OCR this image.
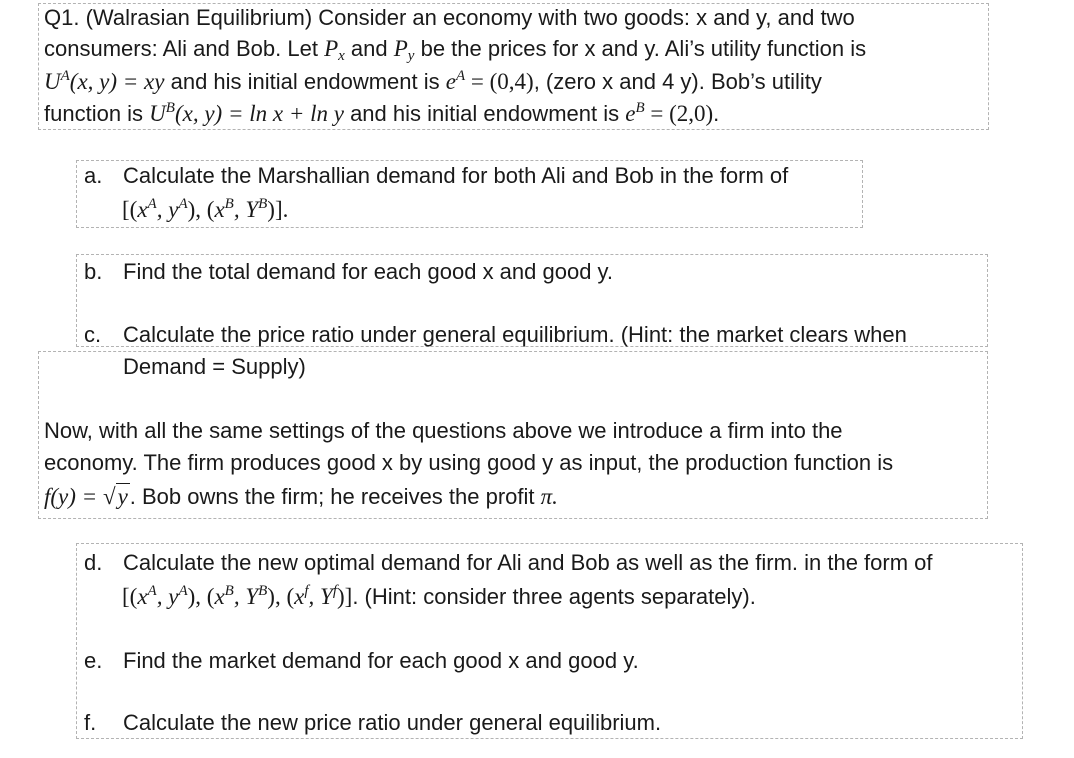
Q1. (Walrasian Equilibrium) Consider an economy with two goods: x and y, and two
consumers: Ali and Bob. Let $P_x$ and $P_y$ be the prices for x and y. Ali’s utility function is
$U^A(x$, y) = xy and his initial endowment is $e^A = (0,4)$, (zero x and 4 y). Bob’s utility
function is $U^B(x$, y) = ln x + ln y and his initial endowment is $e^B = (2,0)$.
a. Calculate the Marshallian demand for both Ali and Bob in the form of
[($x^A$, $y^A$), ($x^B$, $Y^B$)].
b. Find the total demand for each good x and good y.
c. Calculate the price ratio under general equilibrium. (Hint: the market clears when
Demand = Supply)
Now, with all the same settings of the questions above we introduce a firm into the
economy. The firm produces good x by using good y as input, the production function is
f(y) = √y. Bob owns the firm; he receives the profit π.
d. Calculate the new optimal demand for Ali and Bob as well as the firm. in the form of
[($x^A$, $y^A$), ($x^B$, $Y^B$), ($x^f$, $Y^f$)]. (Hint: consider three agents separately).
e. Find the market demand for each good x and good y.
f.	Calculate the new price ratio under general equilibrium.
